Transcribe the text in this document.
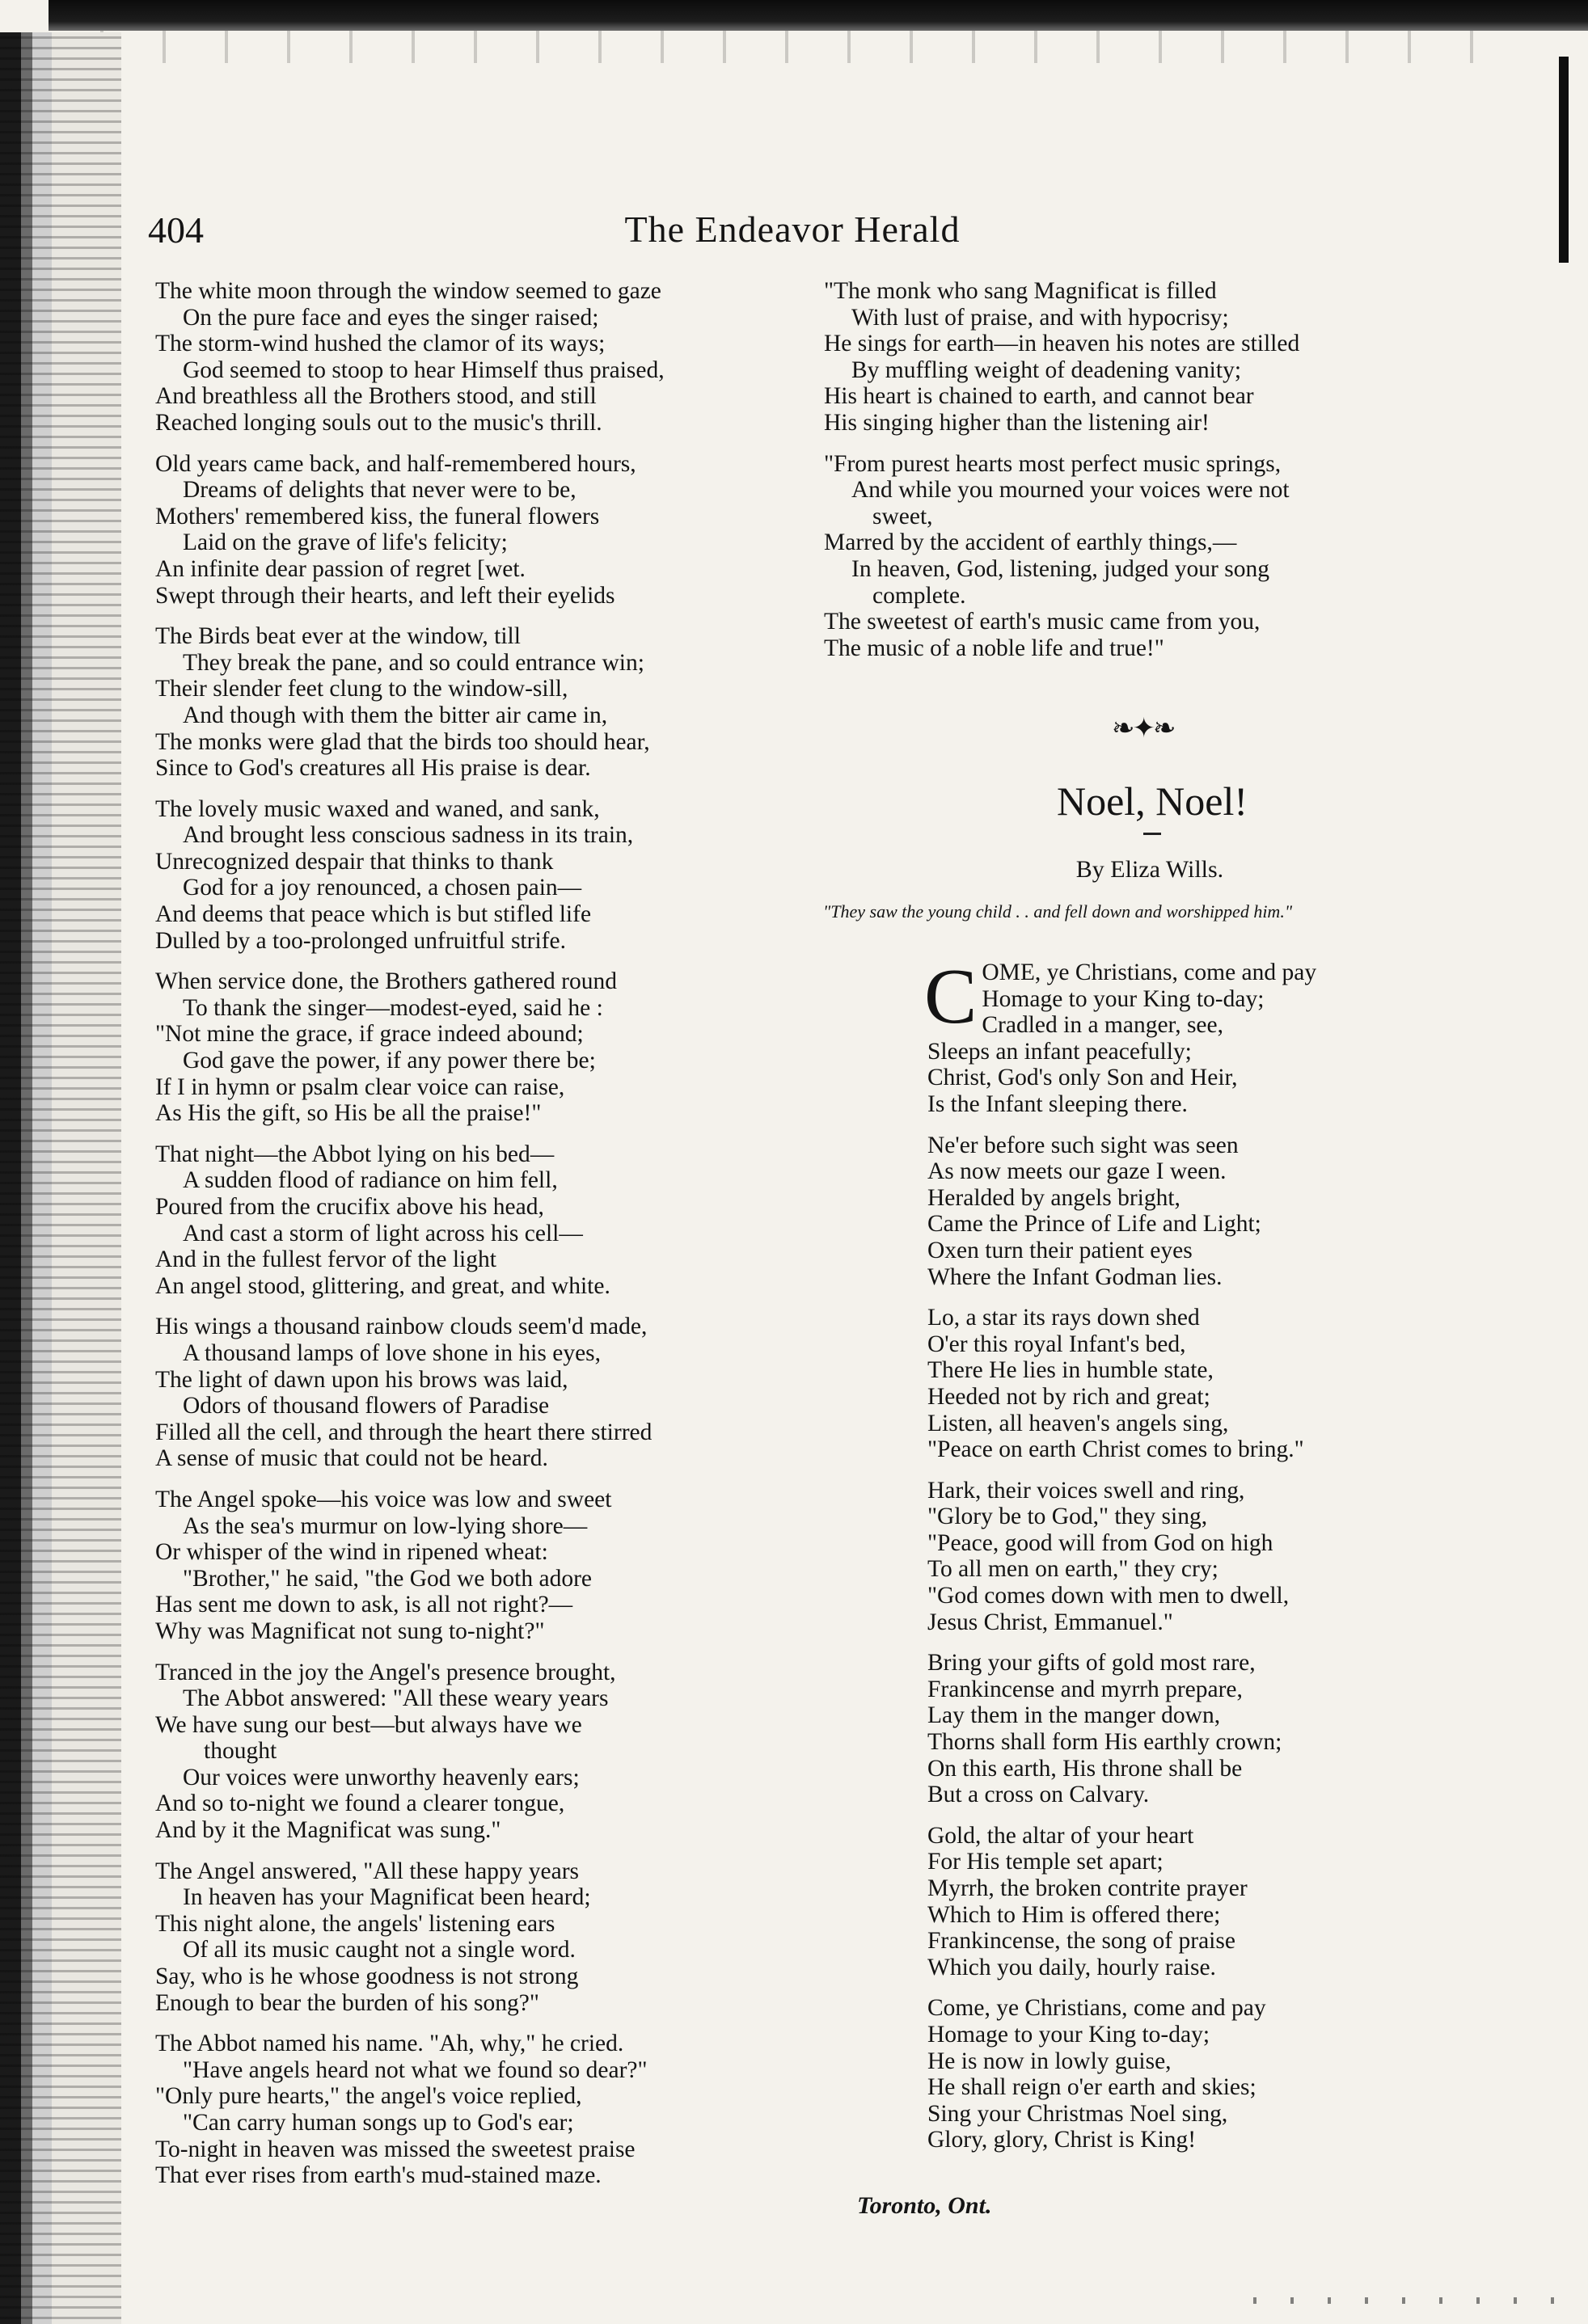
404	The Endeavor Herald
The white moon through the window seemed to gaze
On the pure face and eyes the singer raised;
The storm-wind hushed the clamor of its ways;
God seemed to stoop to hear Himself thus praised,
And breathless all the Brothers stood, and still
Reached longing souls out to the music's thrill.
Old years came back, and half-remembered hours,
Dreams of delights that never were to be,
Mothers' remembered kiss, the funeral flowers
Laid on the grave of life's felicity;
An infinite dear passion of regret [wet.
Swept through their hearts, and left their eyelids
The Birds beat ever at the window, till
They break the pane, and so could entrance win;
Their slender feet clung to the window-sill,
And though with them the bitter air came in,
The monks were glad that the birds too should hear,
Since to God's creatures all His praise is dear.
The lovely music waxed and waned, and sank,
And brought less conscious sadness in its train,
Unrecognized despair that thinks to thank
God for a joy renounced, a chosen pain—
And deems that peace which is but stifled life
Dulled by a too-prolonged unfruitful strife.
When service done, the Brothers gathered round
To thank the singer—modest-eyed, said he :
"Not mine the grace, if grace indeed abound;
God gave the power, if any power there be;
If I in hymn or psalm clear voice can raise,
As His the gift, so His be all the praise!"
That night—the Abbot lying on his bed—
A sudden flood of radiance on him fell,
Poured from the crucifix above his head,
And cast a storm of light across his cell—
And in the fullest fervor of the light
An angel stood, glittering, and great, and white.
His wings a thousand rainbow clouds seem'd made,
A thousand lamps of love shone in his eyes,
The light of dawn upon his brows was laid,
Odors of thousand flowers of Paradise
Filled all the cell, and through the heart there stirred
A sense of music that could not be heard.
The Angel spoke—his voice was low and sweet
As the sea's murmur on low-lying shore—
Or whisper of the wind in ripened wheat:
"Brother," he said, "the God we both adore
Has sent me down to ask, is all not right?—
Why was Magnificat not sung to-night?"
Tranced in the joy the Angel's presence brought,
The Abbot answered: "All these weary years
We have sung our best—but always have we
thought
Our voices were unworthy heavenly ears;
And so to-night we found a clearer tongue,
And by it the Magnificat was sung."
The Angel answered, "All these happy years
In heaven has your Magnificat been heard;
This night alone, the angels' listening ears
Of all its music caught not a single word.
Say, who is he whose goodness is not strong
Enough to bear the burden of his song?"
The Abbot named his name. "Ah, why," he cried.
"Have angels heard not what we found so dear?"
"Only pure hearts," the angel's voice replied,
"Can carry human songs up to God's ear;
To-night in heaven was missed the sweetest praise
That ever rises from earth's mud-stained maze.
"The monk who sang Magnificat is filled
With lust of praise, and with hypocrisy;
He sings for earth—in heaven his notes are stilled
By muffling weight of deadening vanity;
His heart is chained to earth, and cannot bear
His singing higher than the listening air!
"From purest hearts most perfect music springs,
And while you mourned your voices were not
sweet,
Marred by the accident of earthly things,—
In heaven, God, listening, judged your song
complete.
The sweetest of earth's music came from you,
The music of a noble life and true!"
❧✦❧
Noel, Noel!
By Eliza Wills.
"They saw the young child . . and fell down and worshipped him."
C OME, ye Christians, come and pay
Homage to your King to-day;
Cradled in a manger, see,
Sleeps an infant peacefully;
Christ, God's only Son and Heir,
Is the Infant sleeping there.
Ne'er before such sight was seen
As now meets our gaze I ween.
Heralded by angels bright,
Came the Prince of Life and Light;
Oxen turn their patient eyes
Where the Infant Godman lies.
Lo, a star its rays down shed
O'er this royal Infant's bed,
There He lies in humble state,
Heeded not by rich and great;
Listen, all heaven's angels sing,
"Peace on earth Christ comes to bring."
Hark, their voices swell and ring,
"Glory be to God," they sing,
"Peace, good will from God on high
To all men on earth," they cry;
"God comes down with men to dwell,
Jesus Christ, Emmanuel."
Bring your gifts of gold most rare,
Frankincense and myrrh prepare,
Lay them in the manger down,
Thorns shall form His earthly crown;
On this earth, His throne shall be
But a cross on Calvary.
Gold, the altar of your heart
For His temple set apart;
Myrrh, the broken contrite prayer
Which to Him is offered there;
Frankincense, the song of praise
Which you daily, hourly raise.
Come, ye Christians, come and pay
Homage to your King to-day;
He is now in lowly guise,
He shall reign o'er earth and skies;
Sing your Christmas Noel sing,
Glory, glory, Christ is King!
Toronto, Ont.
